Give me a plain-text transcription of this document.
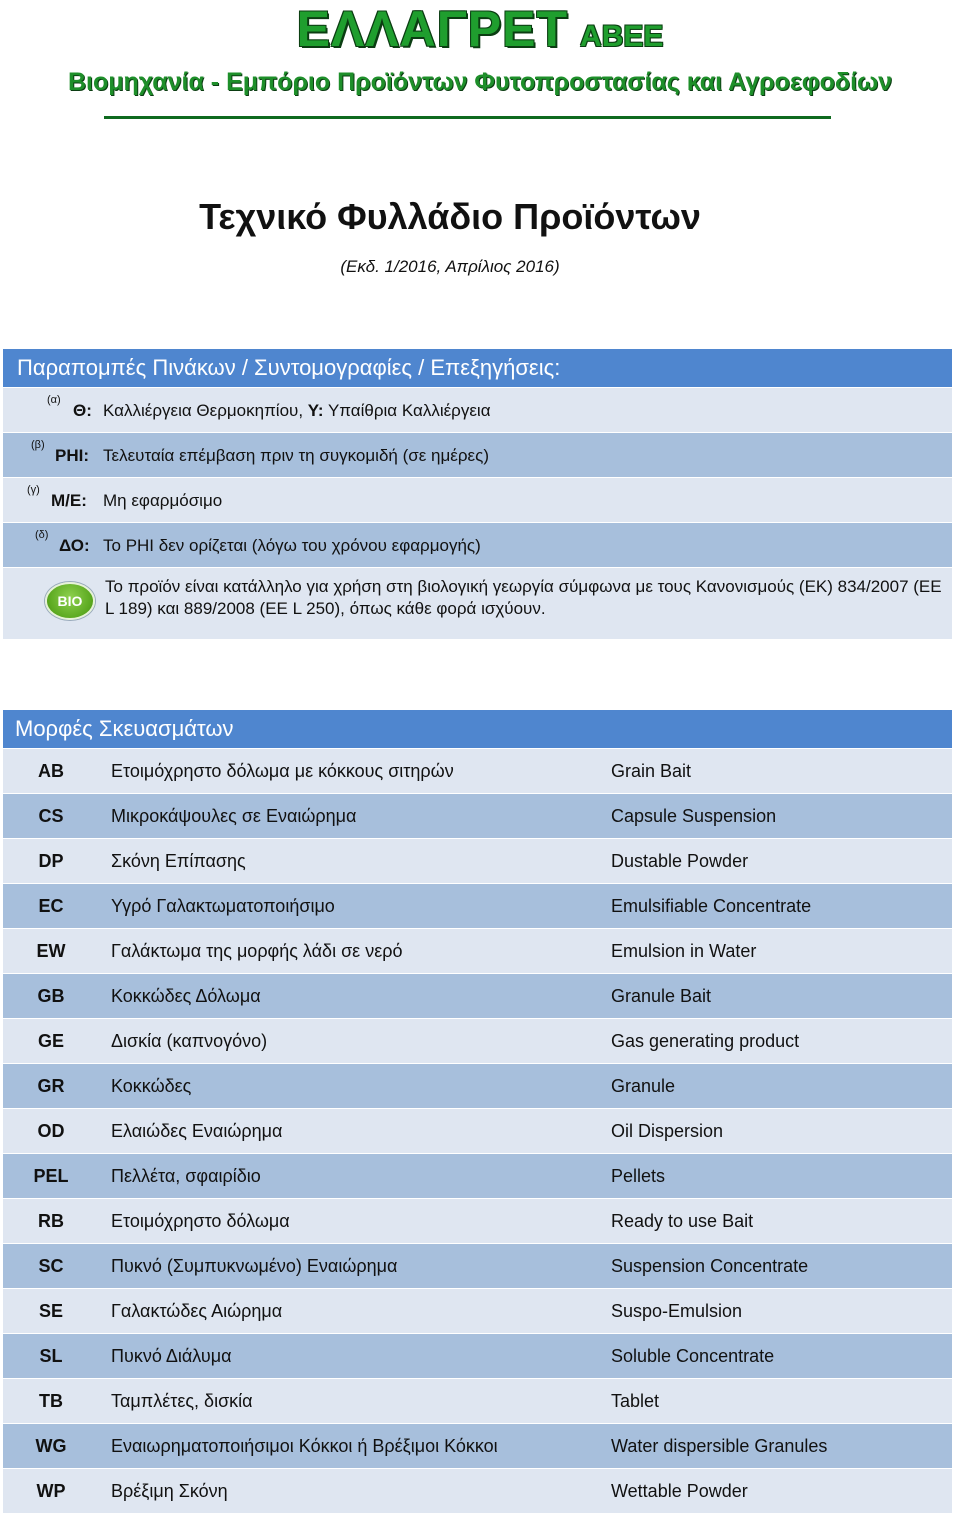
ΕΛΛΑΓΡΕΤ ΑΒΕΕ
Βιομηχανία - Εμπόριο Προϊόντων Φυτοπροστασίας και Αγροεφοδίων
Τεχνικό Φυλλάδιο Προϊόντων
(Εκδ. 1/2016, Απρίλιος 2016)
Παραπομπές Πινάκων / Συντομογραφίες / Επεξηγήσεις:
(α)
Θ: Καλλιέργεια Θερμοκηπίου, Υ: Υπαίθρια Καλλιέργεια
(β)
PHI: Τελευταία επέμβαση πριν τη συγκομιδή (σε ημέρες)
(γ)
Μ/Ε: Μη εφαρμόσιμο
(δ)
ΔΟ: Το PHI δεν ορίζεται (λόγω του χρόνου εφαρμογής)
BIO
Το προϊόν είναι κατάλληλο για χρήση στη βιολογική γεωργία σύμφωνα με τους Κανονισμούς (ΕΚ) 834/2007 (EE L 189) και 889/2008 (EE L 250), όπως κάθε φορά ισχύουν.
Μορφές Σκευασμάτων
AB	Ετοιμόχρηστο δόλωμα με κόκκους σιτηρών	Grain Bait
CS	Μικροκάψουλες σε Εναιώρημα	Capsule Suspension
DP	Σκόνη Επίπασης	Dustable Powder
EC	Υγρό Γαλακτωματοποιήσιμο	Emulsifiable Concentrate
EW	Γαλάκτωμα της μορφής λάδι σε νερό	Emulsion in Water
GB	Κοκκώδες Δόλωμα	Granule Bait
GE	Δισκία (καπνογόνο)	Gas generating product
GR	Κοκκώδες	Granule
OD	Ελαιώδες Εναιώρημα	Oil Dispersion
PEL	Πελλέτα, σφαιρίδιο	Pellets
RB	Ετοιμόχρηστο δόλωμα	Ready to use Bait
SC	Πυκνό (Συμπυκνωμένο) Εναιώρημα	Suspension Concentrate
SE	Γαλακτώδες Αιώρημα	Suspo-Emulsion
SL	Πυκνό Διάλυμα	Soluble Concentrate
TB	Ταμπλέτες, δισκία	Tablet
WG	Εναιωρηματοποιήσιμοι Κόκκοι ή Βρέξιμοι Κόκκοι	Water dispersible Granules
WP	Βρέξιμη Σκόνη	Wettable Powder
